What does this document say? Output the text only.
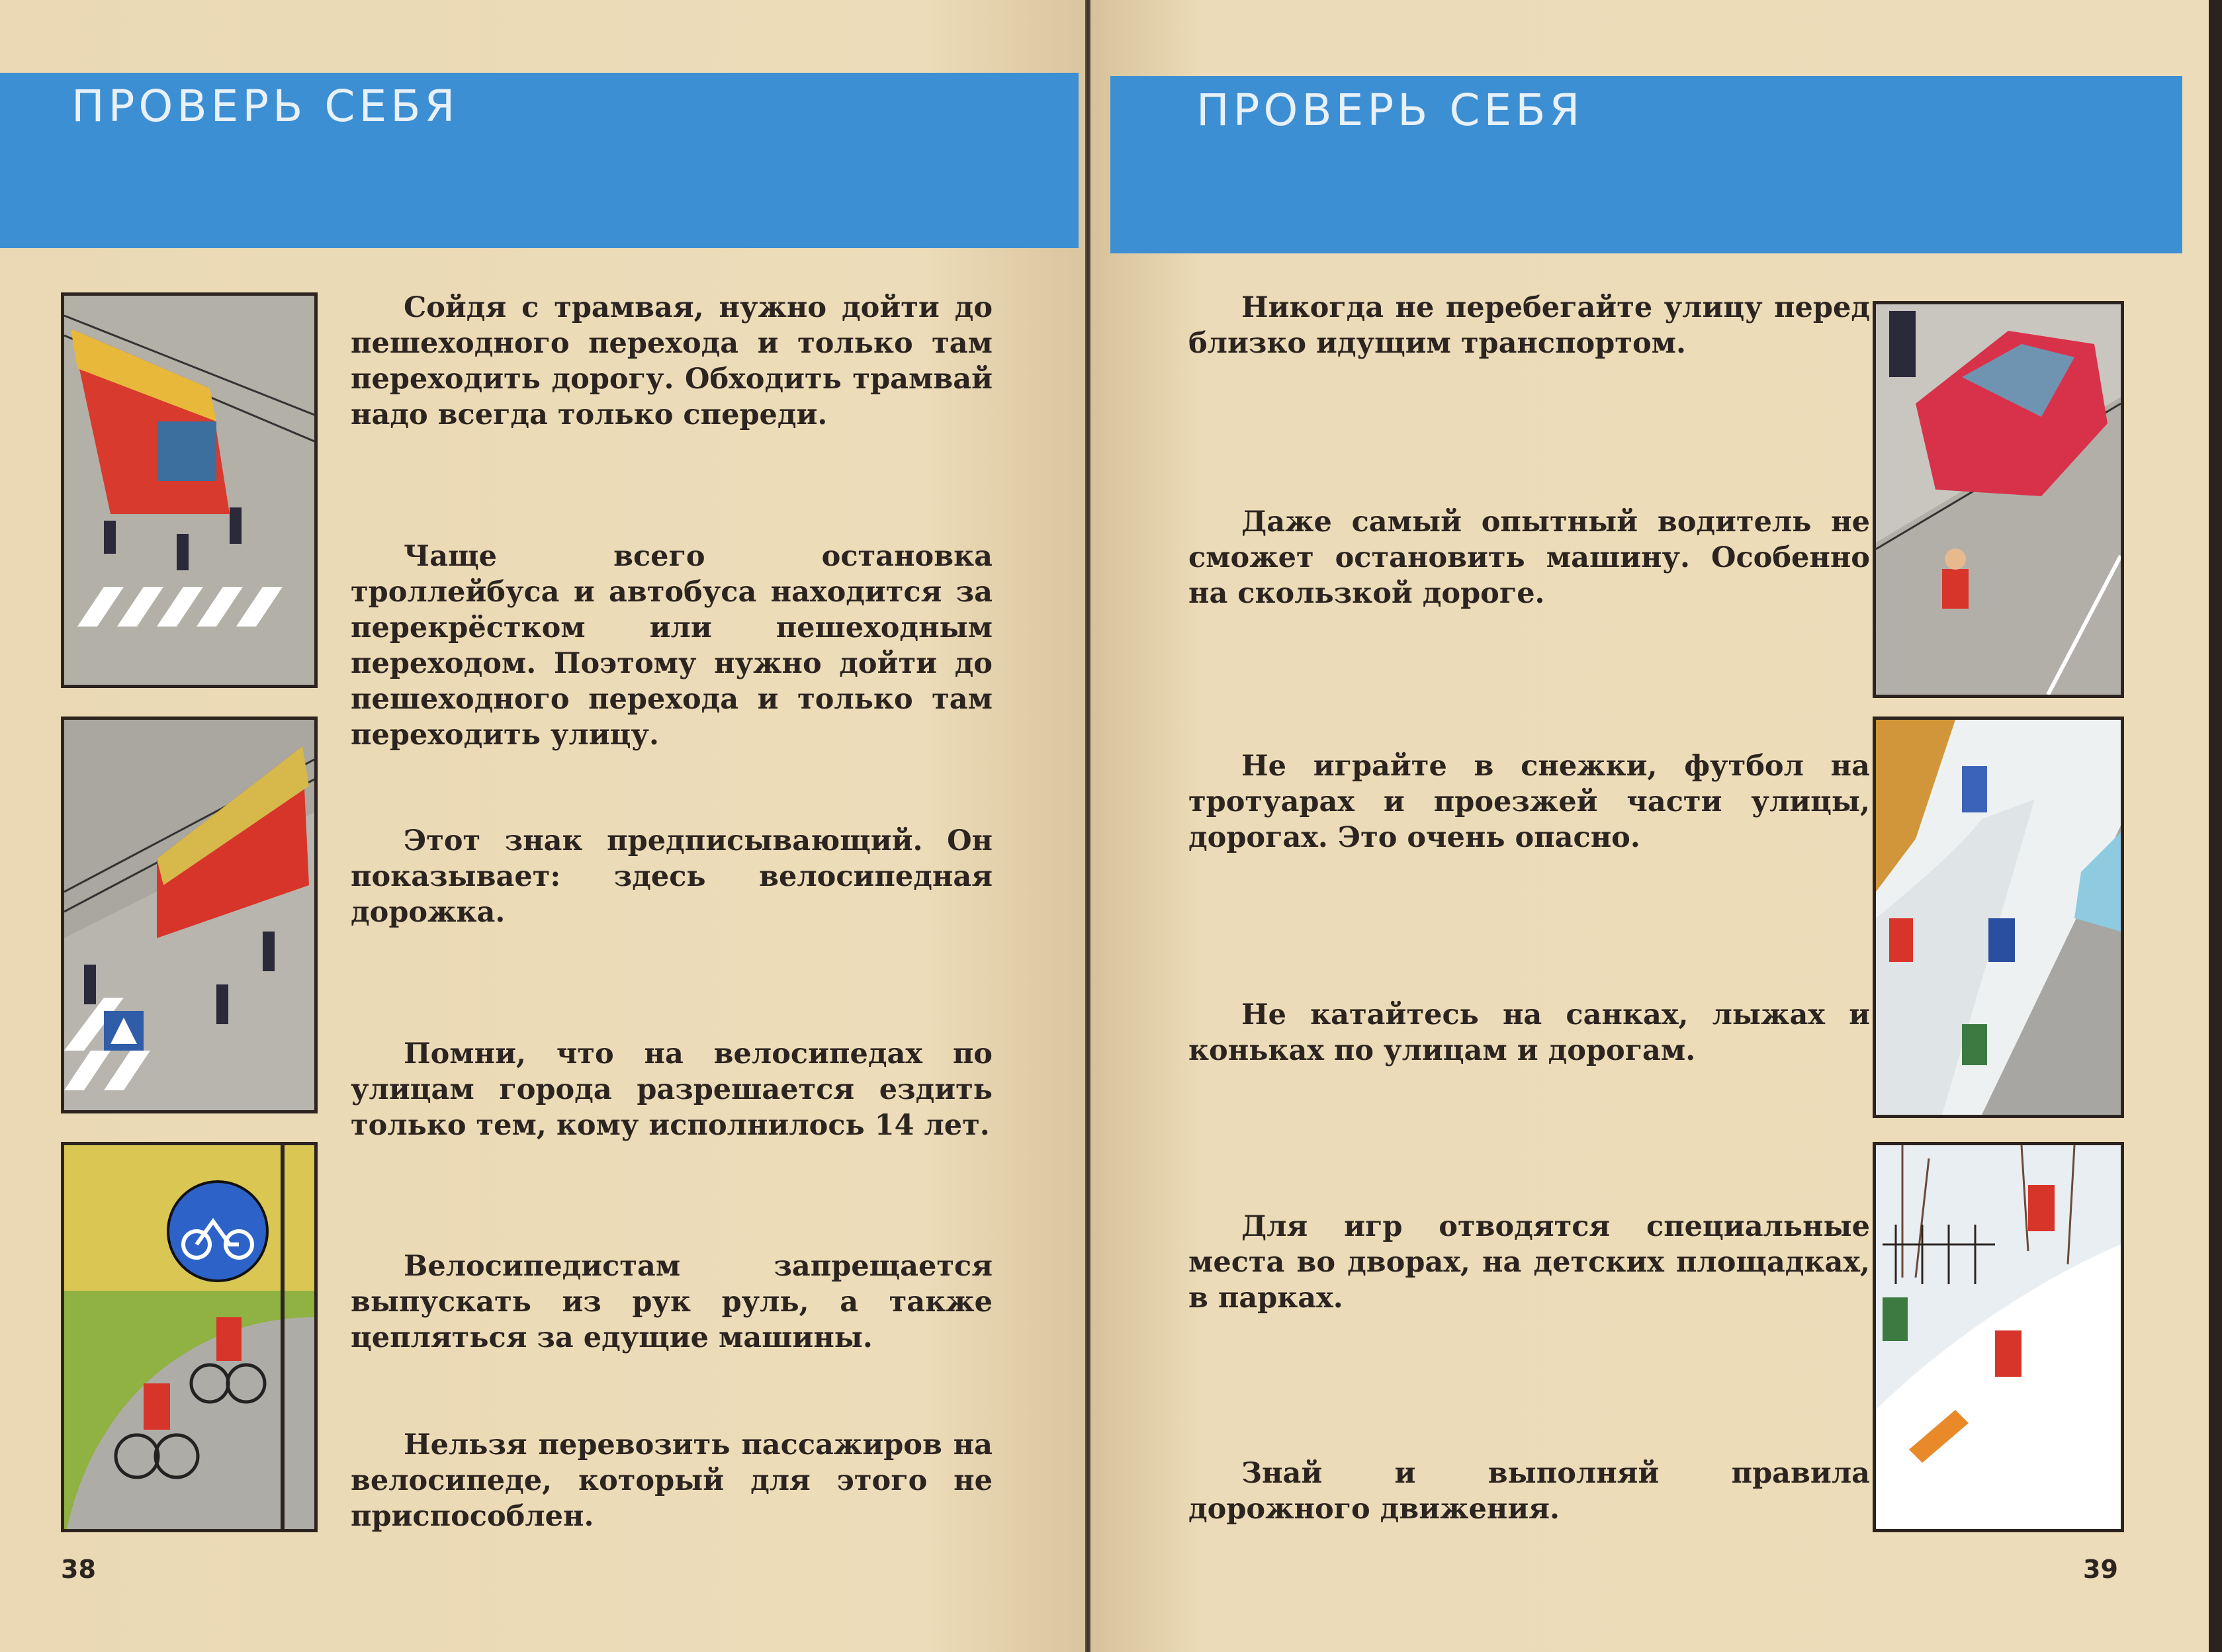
ПРОВЕРЬ СЕБЯ

Сойдя с трамвая, нужно дойти до пешеходного перехода и только там переходить дорогу. Обходить трамвай надо всегда только спереди.

Чаще всего остановка троллейбуса и автобуса находится за перекрёстком или пешеходным переходом. Поэтому нужно дойти до пешеходного перехода и только там переходить улицу.

Этот знак предписывающий. Он показывает: здесь велосипедная дорожка.

Помни, что на велосипедах по улицам города разрешается ездить только тем, кому исполнилось 14 лет.

Велосипедистам запрещается выпускать из рук руль, а также цепляться за едущие машины.

Нельзя перевозить пассажиров на велосипеде, который для этого не приспособлен.

38
ПРОВЕРЬ СЕБЯ

Никогда не перебегайте улицу перед близко идущим транспортом.

Даже самый опытный водитель не сможет остановить машину. Особенно на скользкой дороге.

Не играйте в снежки, футбол на тротуарах и проезжей части улицы, дорогах. Это очень опасно.

Не катайтесь на санках, лыжах и коньках по улицам и дорогам.

Для игр отводятся специальные места во дворах, на детских площадках, в парках.

Знай и выполняй правила дорожного движения.

39
